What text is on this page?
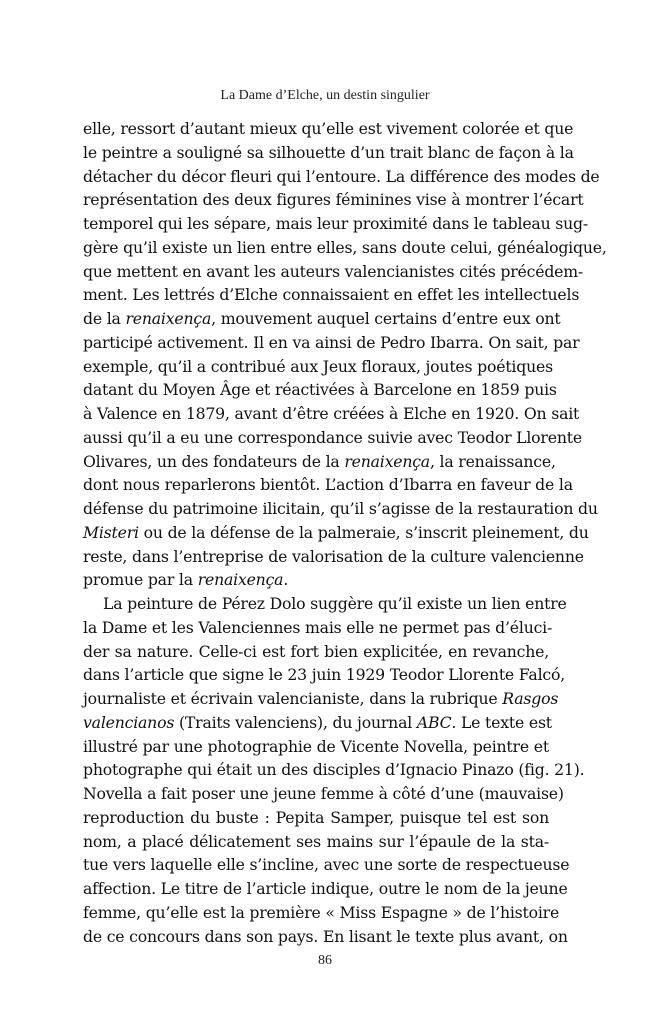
La Dame d’Elche, un destin singulier
elle, ressort d’autant mieux qu’elle est vivement colorée et que
le peintre a souligné sa silhouette d’un trait blanc de façon à la
détacher du décor fleuri qui l’entoure. La différence des modes de
représentation des deux figures féminines vise à montrer l’écart
temporel qui les sépare, mais leur proximité dans le tableau sug-
gère qu’il existe un lien entre elles, sans doute celui, généalogique,
que mettent en avant les auteurs valencianistes cités précédem-
ment. Les lettrés d’Elche connaissaient en effet les intellectuels
de la renaixença, mouvement auquel certains d’entre eux ont
participé activement. Il en va ainsi de Pedro Ibarra. On sait, par
exemple, qu’il a contribué aux Jeux floraux, joutes poétiques
datant du Moyen Âge et réactivées à Barcelone en 1859 puis
à Valence en 1879, avant d’être créées à Elche en 1920. On sait
aussi qu’il a eu une correspondance suivie avec Teodor Llorente
Olivares, un des fondateurs de la renaixença, la renaissance,
dont nous reparlerons bientôt. L’action d’Ibarra en faveur de la
défense du patrimoine ilicitain, qu’il s’agisse de la restauration du
Misteri ou de la défense de la palmeraie, s’inscrit pleinement, du
reste, dans l’entreprise de valorisation de la culture valencienne
promue par la renaixença.
La peinture de Pérez Dolo suggère qu’il existe un lien entre
la Dame et les Valenciennes mais elle ne permet pas d’éluci-
der sa nature. Celle-ci est fort bien explicitée, en revanche,
dans l’article que signe le 23 juin 1929 Teodor Llorente Falcó,
journaliste et écrivain valencianiste, dans la rubrique Rasgos
valencianos (Traits valenciens), du journal ABC. Le texte est
illustré par une photographie de Vicente Novella, peintre et
photographe qui était un des disciples d’Ignacio Pinazo (fig. 21).
Novella a fait poser une jeune femme à côté d’une (mauvaise)
reproduction du buste : Pepita Samper, puisque tel est son
nom, a placé délicatement ses mains sur l’épaule de la sta-
tue vers laquelle elle s’incline, avec une sorte de respectueuse
affection. Le titre de l’article indique, outre le nom de la jeune
femme, qu’elle est la première « Miss Espagne » de l’histoire
de ce concours dans son pays. En lisant le texte plus avant, on
86
